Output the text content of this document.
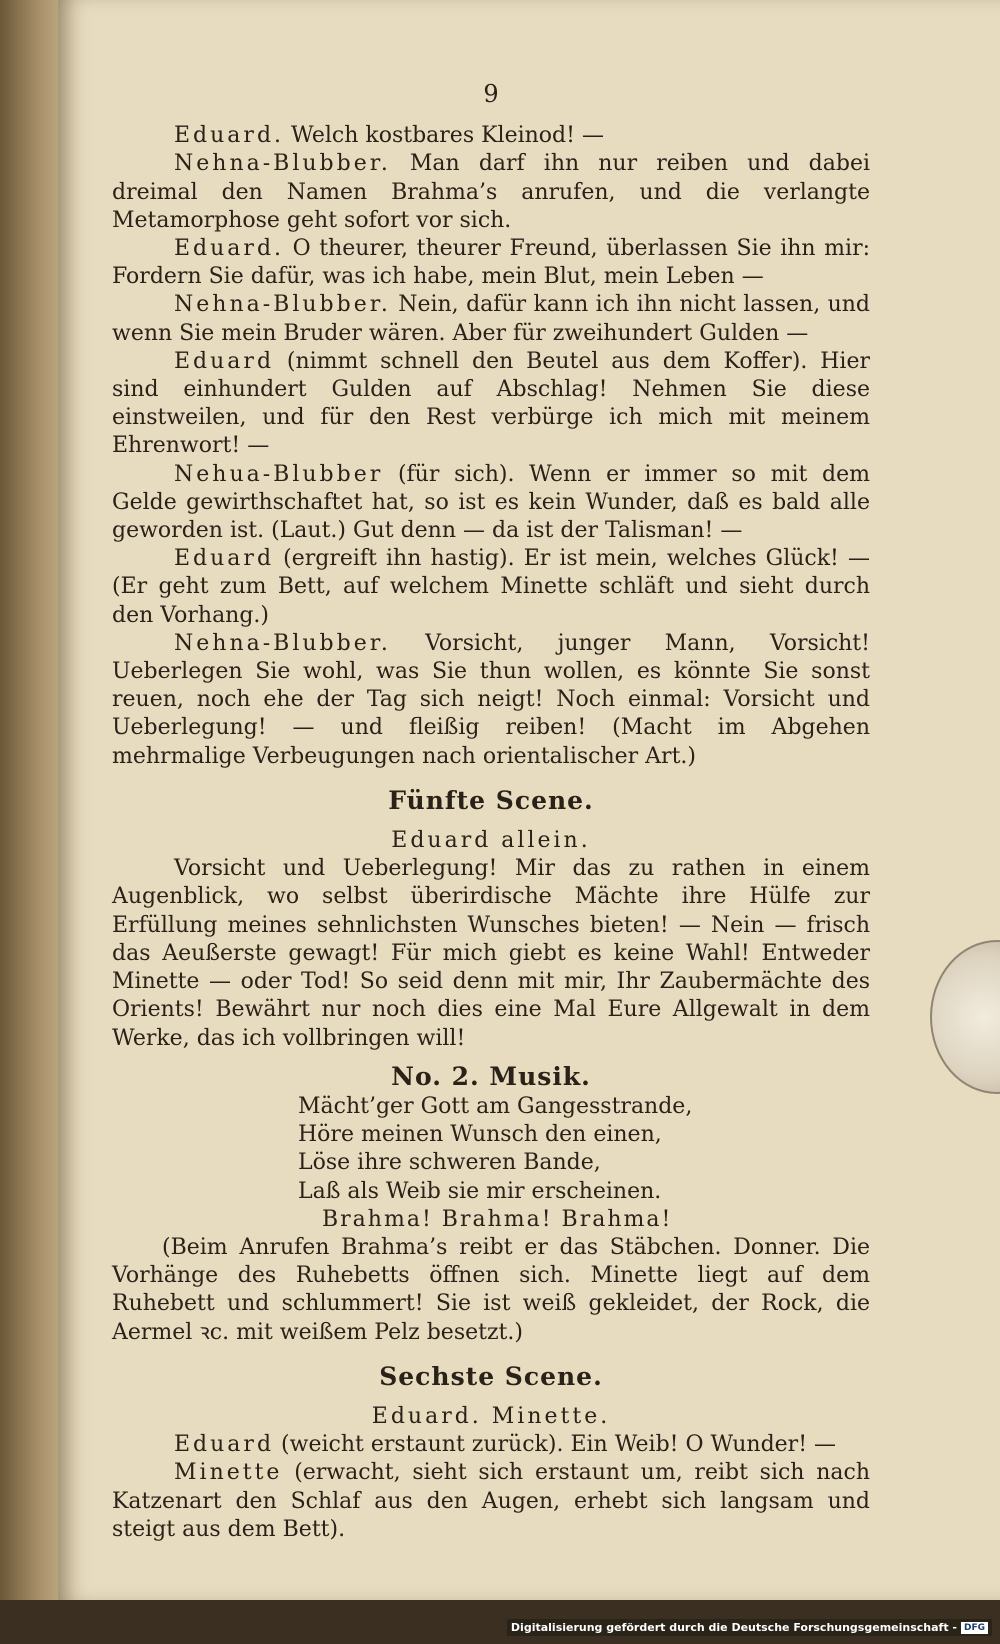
9

Eduard. Welch kostbares Kleinod! —

Nehna-Blubber. Man darf ihn nur reiben und dabei dreimal den Namen Brahma’s anrufen, und die verlangte Metamorphose geht sofort vor sich.

Eduard. O theurer, theurer Freund, überlassen Sie ihn mir: Fordern Sie dafür, was ich habe, mein Blut, mein Leben —

Nehna-Blubber. Nein, dafür kann ich ihn nicht lassen, und wenn Sie mein Bruder wären. Aber für zweihundert Gulden —

Eduard (nimmt schnell den Beutel aus dem Koffer). Hier sind einhundert Gulden auf Abschlag! Nehmen Sie diese einstweilen, und für den Rest verbürge ich mich mit meinem Ehrenwort! —

Nehua-Blubber (für sich). Wenn er immer so mit dem Gelde gewirthschaftet hat, so ist es kein Wunder, daß es bald alle geworden ist. (Laut.) Gut denn — da ist der Talisman! —

Eduard (ergreift ihn hastig). Er ist mein, welches Glück! — (Er geht zum Bett, auf welchem Minette schläft und sieht durch den Vorhang.)

Nehna-Blubber. Vorsicht, junger Mann, Vorsicht! Ueberlegen Sie wohl, was Sie thun wollen, es könnte Sie sonst reuen, noch ehe der Tag sich neigt! Noch einmal: Vorsicht und Ueberlegung! — und fleißig reiben! (Macht im Abgehen mehrmalige Verbeugungen nach orientalischer Art.)

Fünfte Scene.

Eduard allein.

Vorsicht und Ueberlegung! Mir das zu rathen in einem Augenblick, wo selbst überirdische Mächte ihre Hülfe zur Erfüllung meines sehnlichsten Wunsches bieten! — Nein — frisch das Aeußerste gewagt! Für mich giebt es keine Wahl! Entweder Minette — oder Tod! So seid denn mit mir, Ihr Zaubermächte des Orients! Bewährt nur noch dies eine Mal Eure Allgewalt in dem Werke, das ich vollbringen will!

No. 2. Musik.

Mächt’ger Gott am Gangesstrande,

Höre meinen Wunsch den einen,

Löse ihre schweren Bande,

Laß als Weib sie mir erscheinen.

Brahma! Brahma! Brahma!

(Beim Anrufen Brahma’s reibt er das Stäbchen. Donner. Die Vorhänge des Ruhebetts öffnen sich. Minette liegt auf dem Ruhebett und schlummert! Sie ist weiß gekleidet, der Rock, die Aermel ꝛc. mit weißem Pelz besetzt.)

Sechste Scene.

Eduard. Minette.

Eduard (weicht erstaunt zurück). Ein Weib! O Wunder! —

Minette (erwacht, sieht sich erstaunt um, reibt sich nach Katzenart den Schlaf aus den Augen, erhebt sich langsam und steigt aus dem Bett).

Digitalisierung gefördert durch die Deutsche Forschungsgemeinschaft - DFG
